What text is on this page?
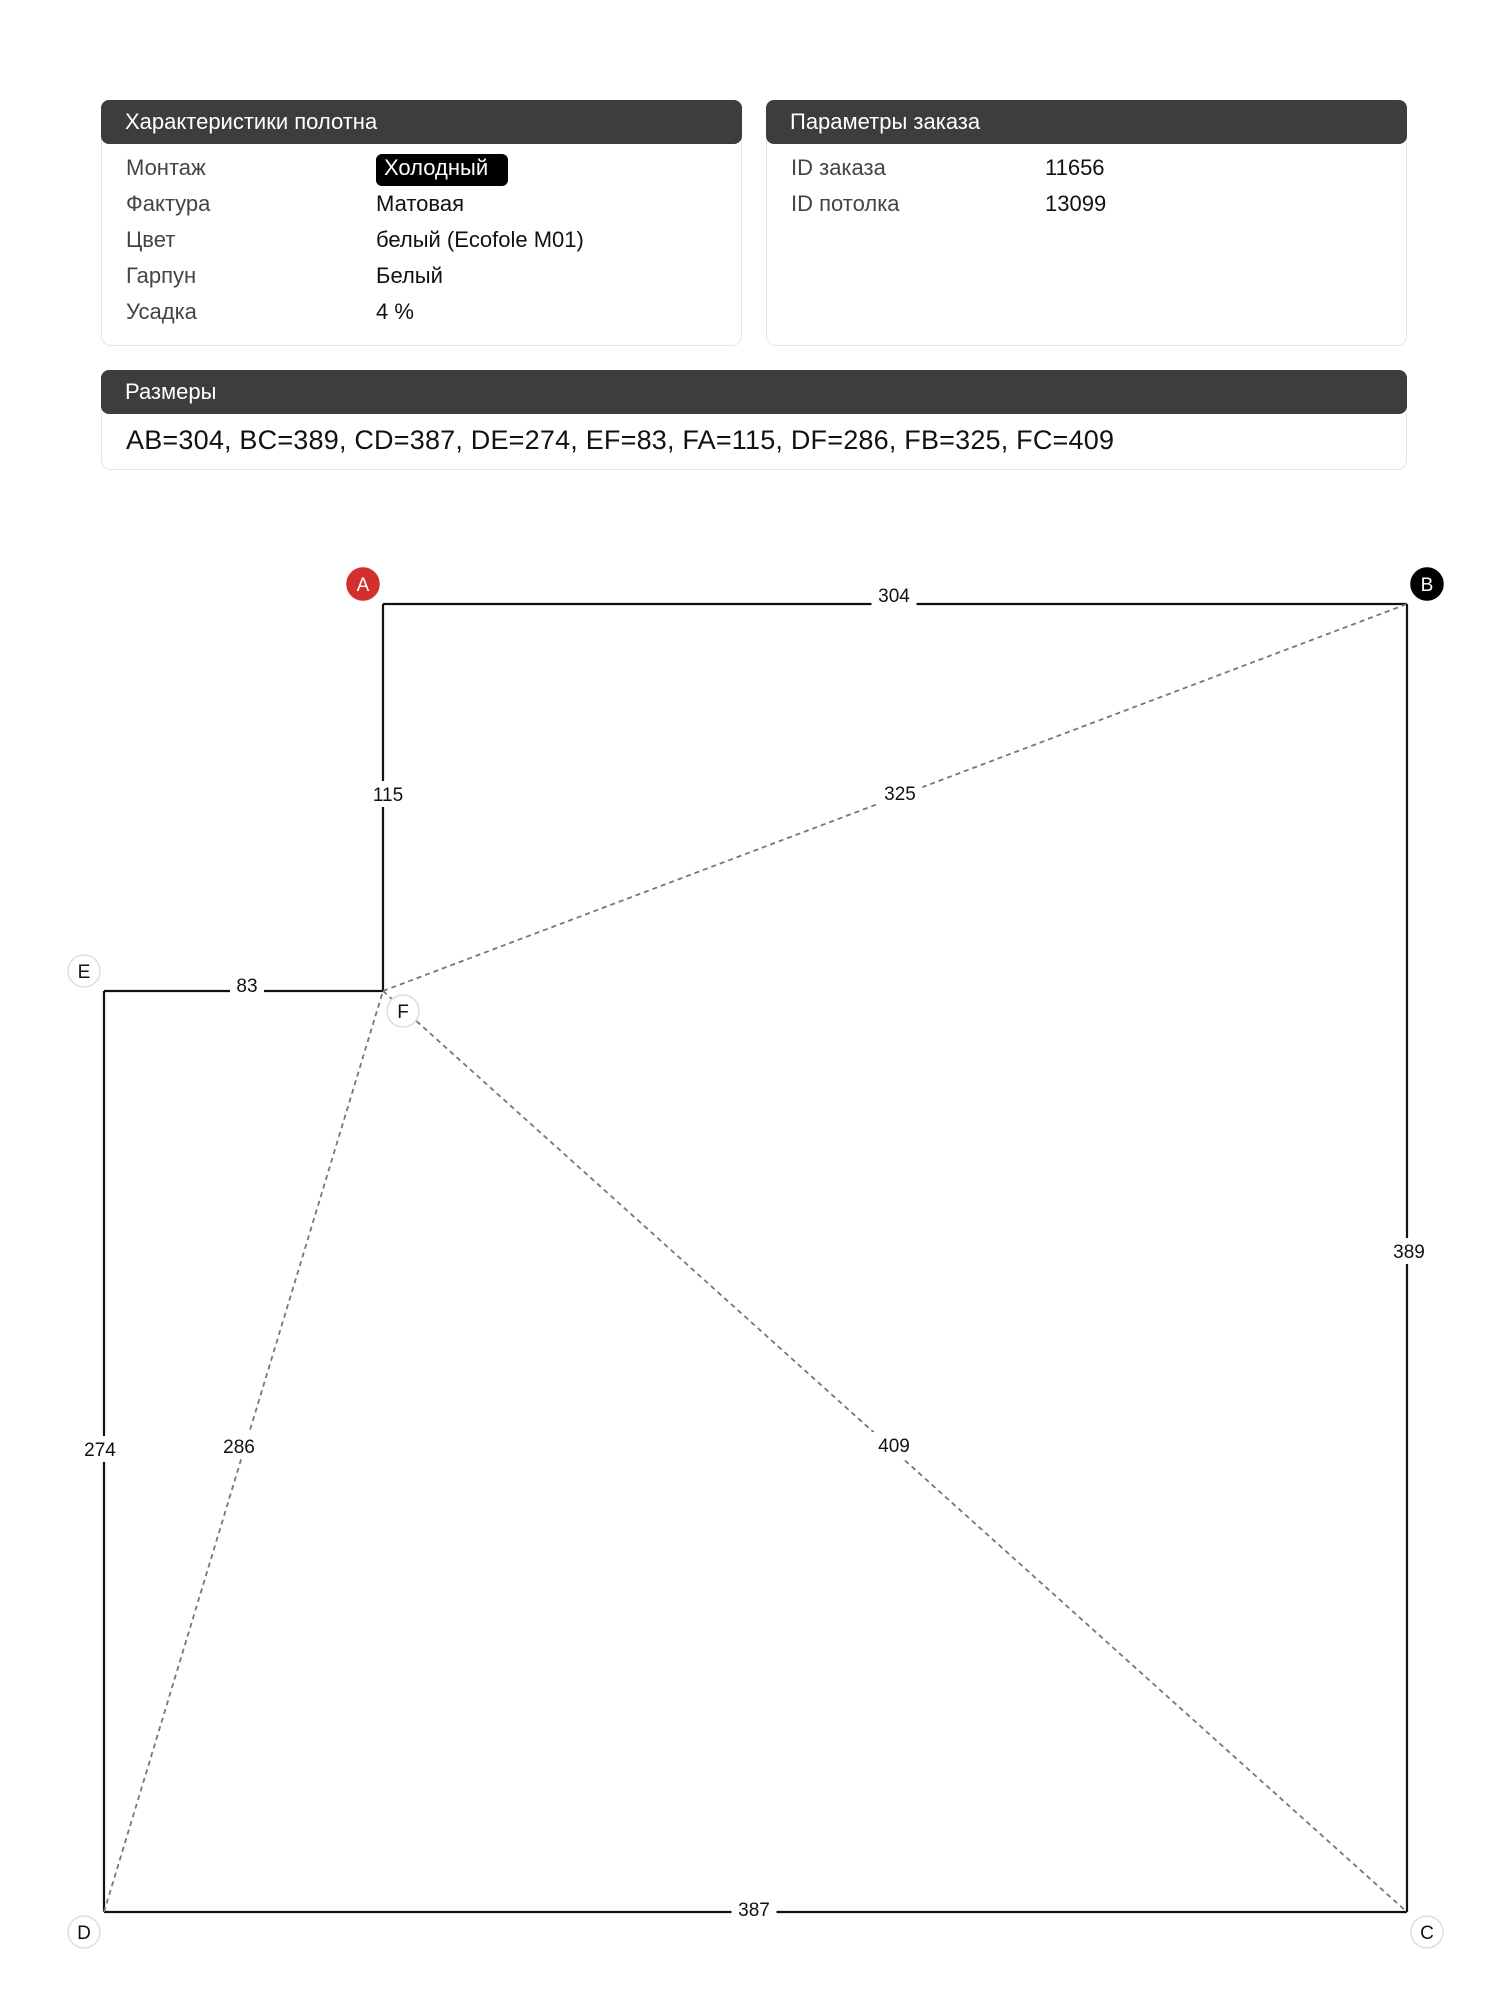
Характеристики полотна
Монтаж	Холодный
Фактура	Матовая
Цвет	белый (Ecofole M01)
Гарпун	Белый
Усадка	4 %
Параметры заказа
ID заказа	11656
ID потолка	13099
Размеры
AB=304, BC=389, CD=387, DE=274, EF=83, FA=115, DF=286, FB=325, FC=409
304
389
387
274
83
115
286
325
409
A	B
C
D
E
F
